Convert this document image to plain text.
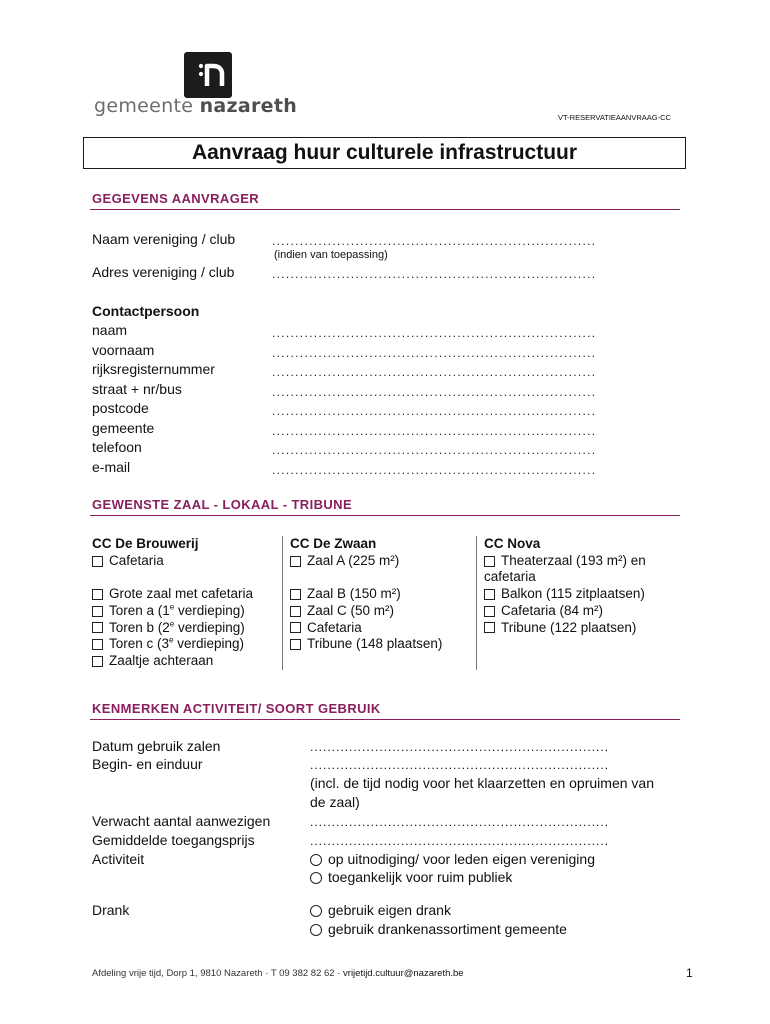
gemeente nazareth
VT-RESERVATIEAANVRAAG-CC
Aanvraag huur culturele infrastructuur
GEGEVENS AANVRAGER
Naam vereniging / club	......................................................................
(indien van toepassing)
Adres vereniging / club	......................................................................
Contactpersoon
naam	......................................................................
voornaam	......................................................................
rijksregisternummer	......................................................................
straat + nr/bus	......................................................................
postcode	......................................................................
gemeente	......................................................................
telefoon	......................................................................
e-mail	......................................................................
GEWENSTE ZAAL - LOKAAL - TRIBUNE
CC De Brouwerij
Cafetaria
Grote zaal met cafetaria
Toren a (1e verdieping)
Toren b (2e verdieping)
Toren c (3e verdieping)
Zaaltje achteraan
CC De Zwaan
Zaal A (225 m²)
Zaal B (150 m²)
Zaal C (50 m²)
Cafetaria
Tribune (148 plaatsen)
CC Nova
Theaterzaal (193 m²) en
cafetaria
Balkon (115 zitplaatsen)
Cafetaria (84 m²)
Tribune (122 plaatsen)
KENMERKEN ACTIVITEIT/ SOORT GEBRUIK
Datum gebruik zalen	.....................................................................
Begin- en einduur	.....................................................................
(incl. de tijd nodig voor het klaarzetten en opruimen van
de zaal)
Verwacht aantal aanwezigen	.....................................................................
Gemiddelde toegangsprijs	.....................................................................
Activiteit	op uitnodiging/ voor leden eigen vereniging
toegankelijk voor ruim publiek
Drank	gebruik eigen drank
gebruik drankenassortiment gemeente
Afdeling vrije tijd, Dorp 1, 9810 Nazareth · T 09 382 82 62 · vrijetijd.cultuur@nazareth.be	1
